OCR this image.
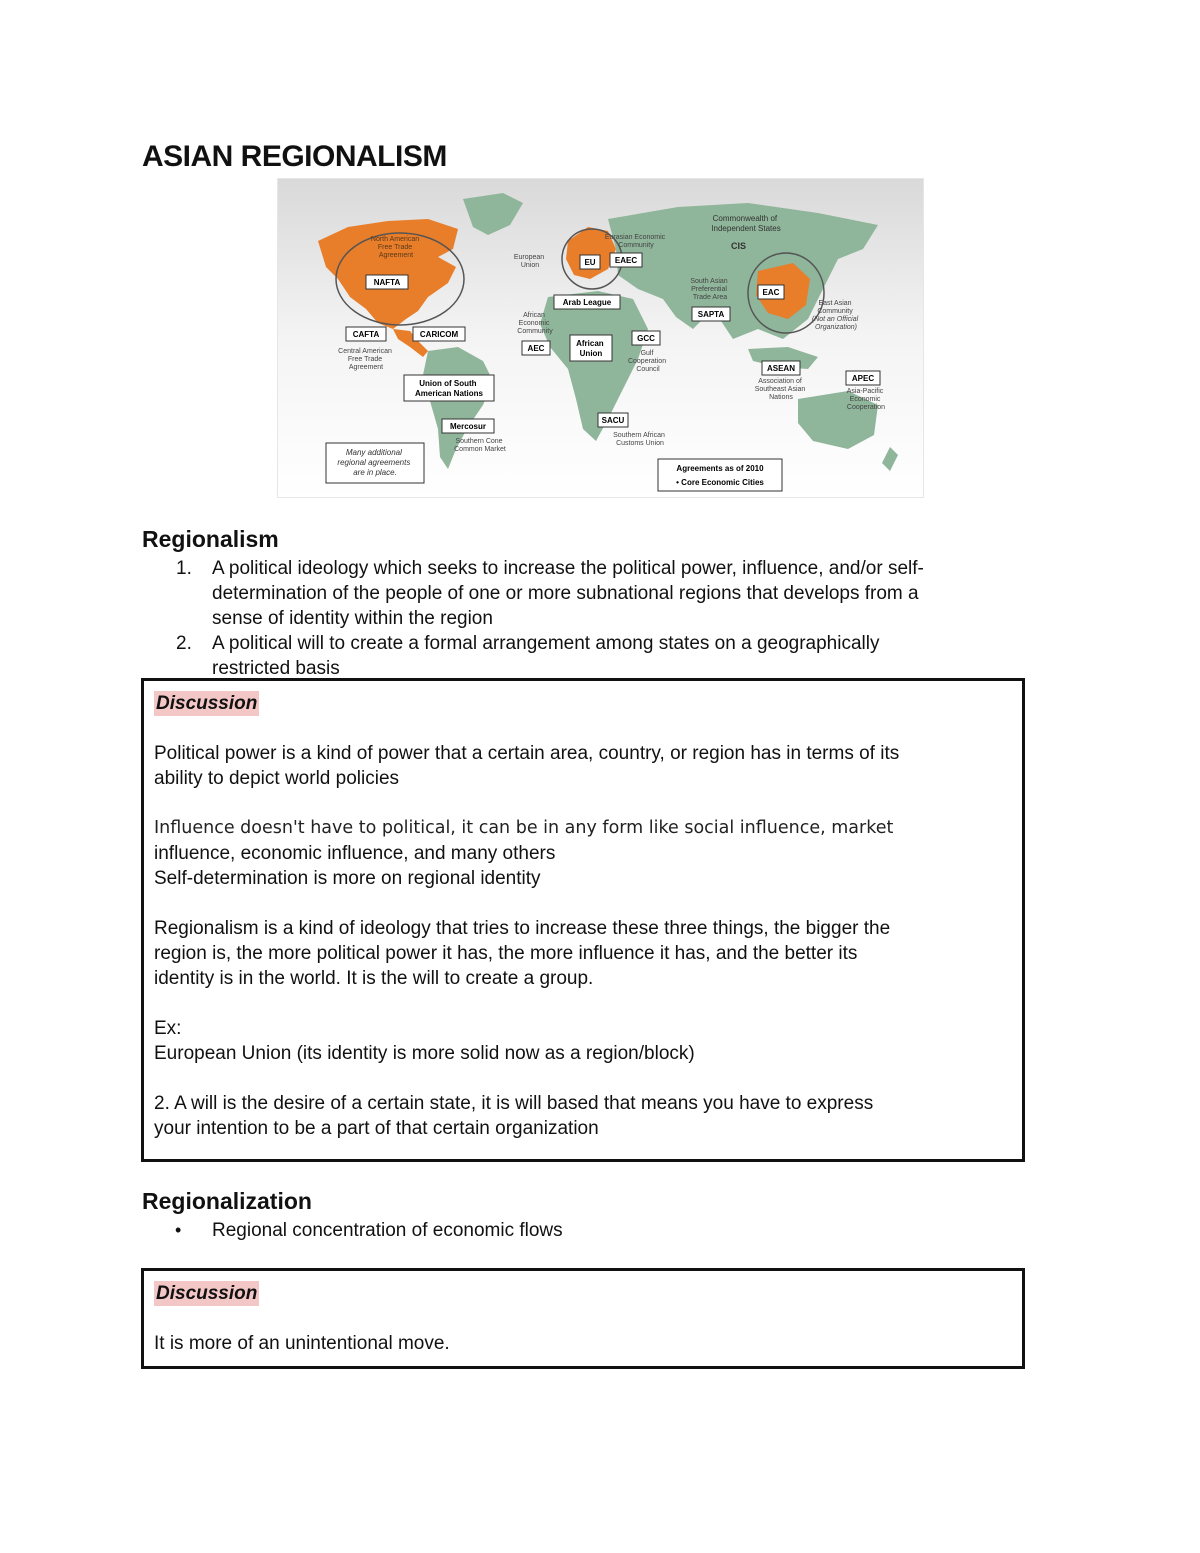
ASIAN REGIONALISM
North American Free Trade Agreement
NAFTA
CAFTA
Central American Free Trade Agreement
CARICOM
Union of South American Nations
Mercosur
Southern Cone Common Market
Many additional regional agreements are in place.
European Union	EU
Eurasian Economic Community
EAEC
Commonwealth of Independent States
CIS
Arab League
African Economic Community
AEC
African Union
GCC
Gulf Cooperation Council
South Asian Preferential Trade Area
SAPTA
EAC
East Asian Community (Not an Official Organization)
SACU
Southern African Customs Union
ASEAN
Association of Southeast Asian Nations
APEC
Asia-Pacific Economic Cooperation
Agreements as of 2010
• Core Economic Cities
Regionalism
1. A political ideology which seeks to increase the political power, influence, and/or self-
determination of the people of one or more subnational regions that develops from a
sense of identity within the region
2. A political will to create a formal arrangement among states on a geographically
restricted basis
Discussion
Political power is a kind of power that a certain area, country, or region has in terms of its
ability to depict world policies
Influence doesn't have to political, it can be in any form like social influence, market
influence, economic influence, and many others
Self-determination is more on regional identity
Regionalism is a kind of ideology that tries to increase these three things, the bigger the
region is, the more political power it has, the more influence it has, and the better its
identity is in the world. It is the will to create a group.
Ex:
European Union (its identity is more solid now as a region/block)
2. A will is the desire of a certain state, it is will based that means you have to express
your intention to be a part of that certain organization
Regionalization
• Regional concentration of economic flows
Discussion
It is more of an unintentional move.
